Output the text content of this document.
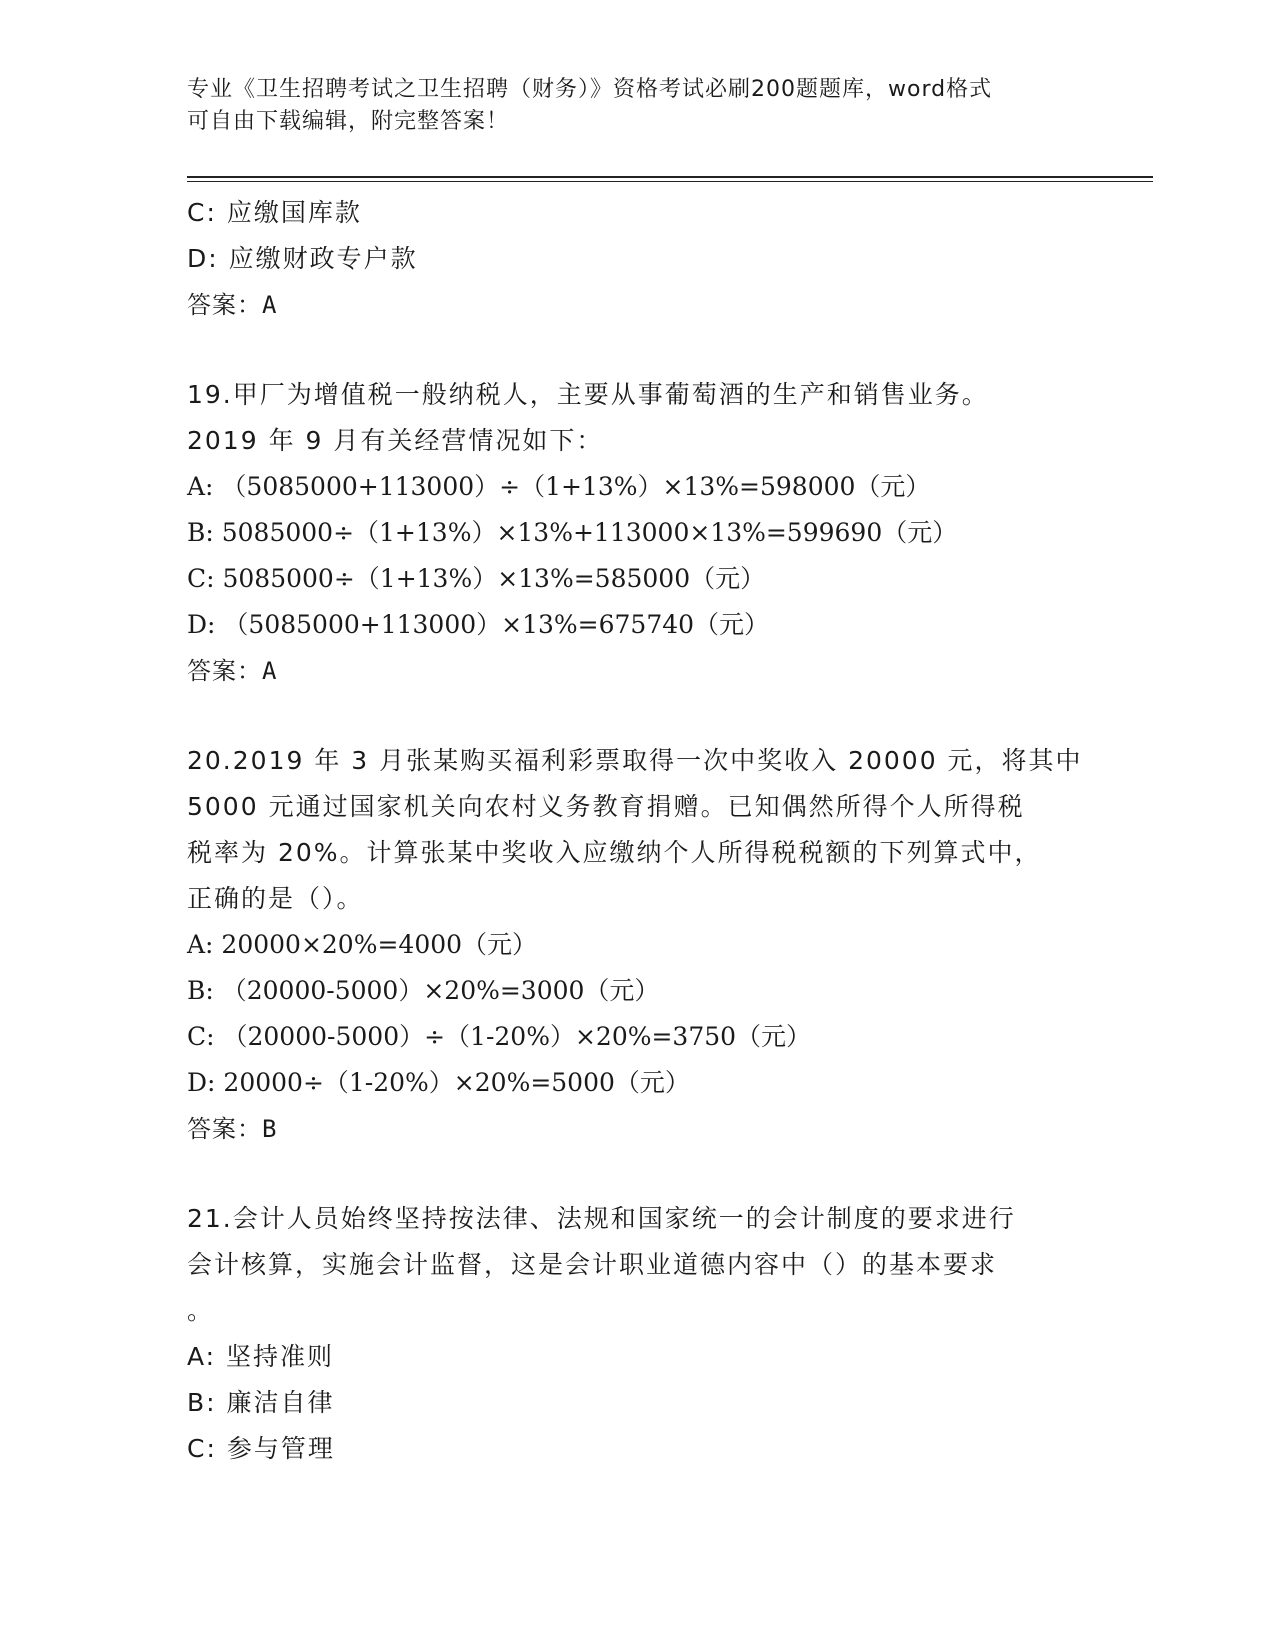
专业《卫生招聘考试之卫生招聘（财务）》资格考试必刷200题题库，word格式
可自由下载编辑，附完整答案！
C: 应缴国库款
D: 应缴财政专户款
答案：A
19.甲厂为增值税一般纳税人，主要从事葡萄酒的生产和销售业务。
2019 年 9 月有关经营情况如下：
A: （5085000+113000）÷（1+13%）×13%=598000（元）
B: 5085000÷（1+13%）×13%+113000×13%=599690（元）
C: 5085000÷（1+13%）×13%=585000（元）
D: （5085000+113000）×13%=675740（元）
答案：A
20.2019 年 3 月张某购买福利彩票取得一次中奖收入 20000 元，将其中
5000 元通过国家机关向农村义务教育捐赠。已知偶然所得个人所得税
税率为 20%。计算张某中奖收入应缴纳个人所得税税额的下列算式中，
正确的是（）。
A: 20000×20%=4000（元）
B: （20000-5000）×20%=3000（元）
C: （20000-5000）÷（1-20%）×20%=3750（元）
D: 20000÷（1-20%）×20%=5000（元）
答案：B
21.会计人员始终坚持按法律、法规和国家统一的会计制度的要求进行
会计核算，实施会计监督，这是会计职业道德内容中（）的基本要求
。
A: 坚持准则
B: 廉洁自律
C: 参与管理
